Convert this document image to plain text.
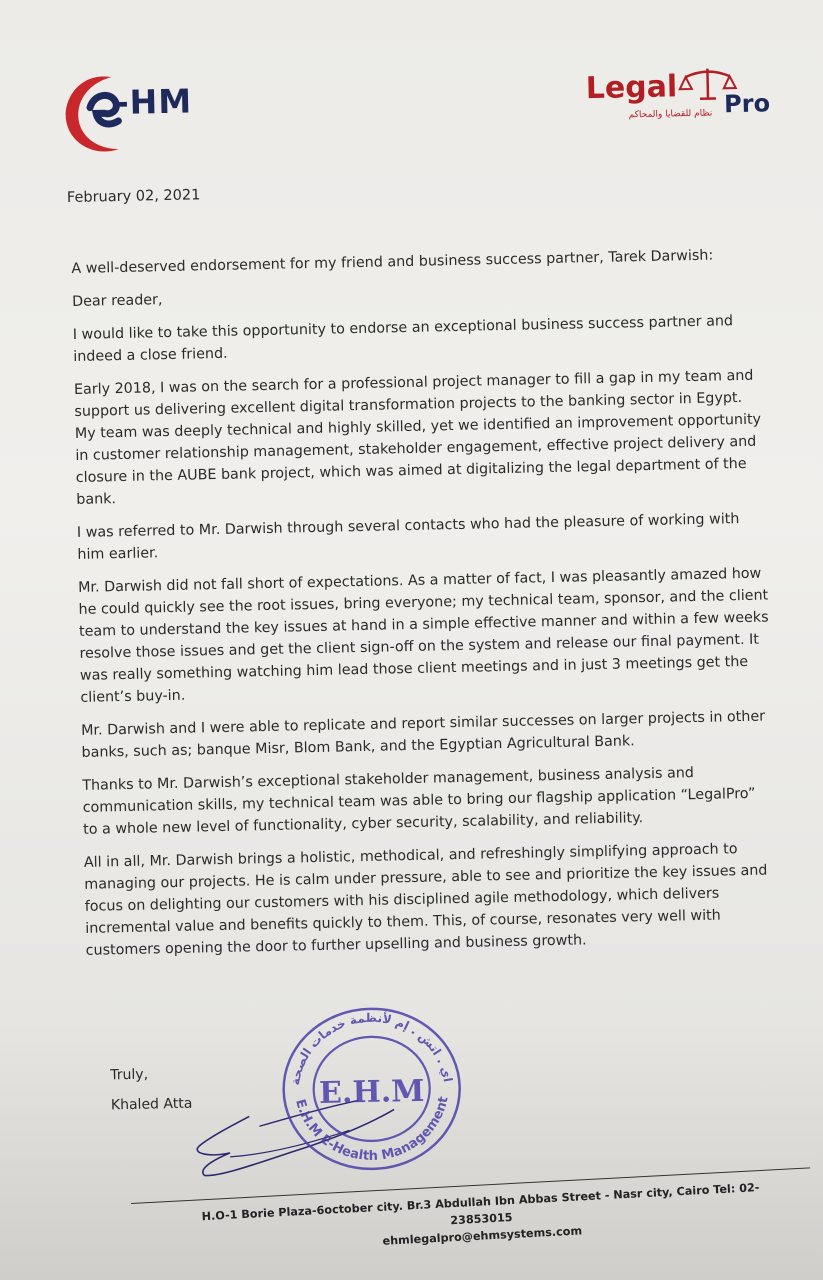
-HM	Legal Pro
نظام للقضايا والمحاكم
February 02, 2021

A well-deserved endorsement for my friend and business success partner, Tarek Darwish:

Dear reader,

I would like to take this opportunity to endorse an exceptional business success partner and indeed a close friend.

Early 2018, I was on the search for a professional project manager to fill a gap in my team and support us delivering excellent digital transformation projects to the banking sector in Egypt. My team was deeply technical and highly skilled, yet we identified an improvement opportunity in customer relationship management, stakeholder engagement, effective project delivery and closure in the AUBE bank project, which was aimed at digitalizing the legal department of the bank.

I was referred to Mr. Darwish through several contacts who had the pleasure of working with him earlier.

Mr. Darwish did not fall short of expectations. As a matter of fact, I was pleasantly amazed how he could quickly see the root issues, bring everyone; my technical team, sponsor, and the client team to understand the key issues at hand in a simple effective manner and within a few weeks resolve those issues and get the client sign-off on the system and release our final payment. It was really something watching him lead those client meetings and in just 3 meetings get the client’s buy-in.

Mr. Darwish and I were able to replicate and report similar successes on larger projects in other banks, such as; banque Misr, Blom Bank, and the Egyptian Agricultural Bank.

Thanks to Mr. Darwish’s exceptional stakeholder management, business analysis and communication skills, my technical team was able to bring our flagship application “LegalPro” to a whole new level of functionality, cyber security, scalability, and reliability.

All in all, Mr. Darwish brings a holistic, methodical, and refreshingly simplifying approach to managing our projects. He is calm under pressure, able to see and prioritize the key issues and focus on delighting our customers with his disciplined agile methodology, which delivers incremental value and benefits quickly to them. This, of course, resonates very well with customers opening the door to further upselling and business growth.

Truly,
Khaled Atta
اي . اتش . إم لأنظمة خدمات الصحة
E.H.M E-Health Management
E.H.M
H.O-1 Borie Plaza-6october city. Br.3 Abdullah Ibn Abbas Street - Nasr city, Cairo Tel: 02-23853015
ehmlegalpro@ehmsystems.com
